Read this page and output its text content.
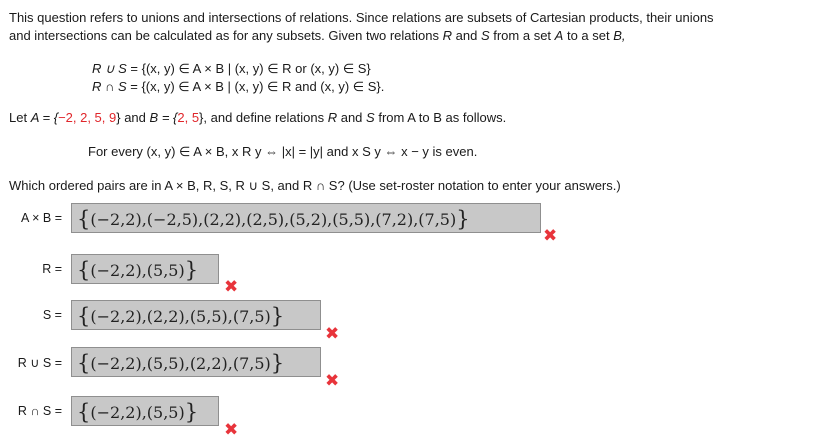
This question refers to unions and intersections of relations. Since relations are subsets of Cartesian products, their unions
and intersections can be calculated as for any subsets. Given two relations R and S from a set A to a set B,
R ∪ S = {(x, y) ∈ A × B | (x, y) ∈ R or (x, y) ∈ S}
R ∩ S = {(x, y) ∈ A × B | (x, y) ∈ R and (x, y) ∈ S}.
Let A = {−2, 2, 5, 9} and B = {2, 5}, and define relations R and S from A to B as follows.
For every (x, y) ∈ A × B, x R y ⇔ |x| = |y| and x S y ⇔ x − y is even.
Which ordered pairs are in A × B, R, S, R ∪ S, and R ∩ S? (Use set-roster notation to enter your answers.)
A × B = {(−2,2),(−2,5),(2,2),(2,5),(5,2),(5,5),(7,2),(7,5)}
✖
R = {(−2,2),(5,5)}
✖
S = {(−2,2),(2,2),(5,5),(7,5)}
✖
R ∪ S = {(−2,2),(5,5),(2,2),(7,5)}
✖
R ∩ S = {(−2,2),(5,5)}
✖
